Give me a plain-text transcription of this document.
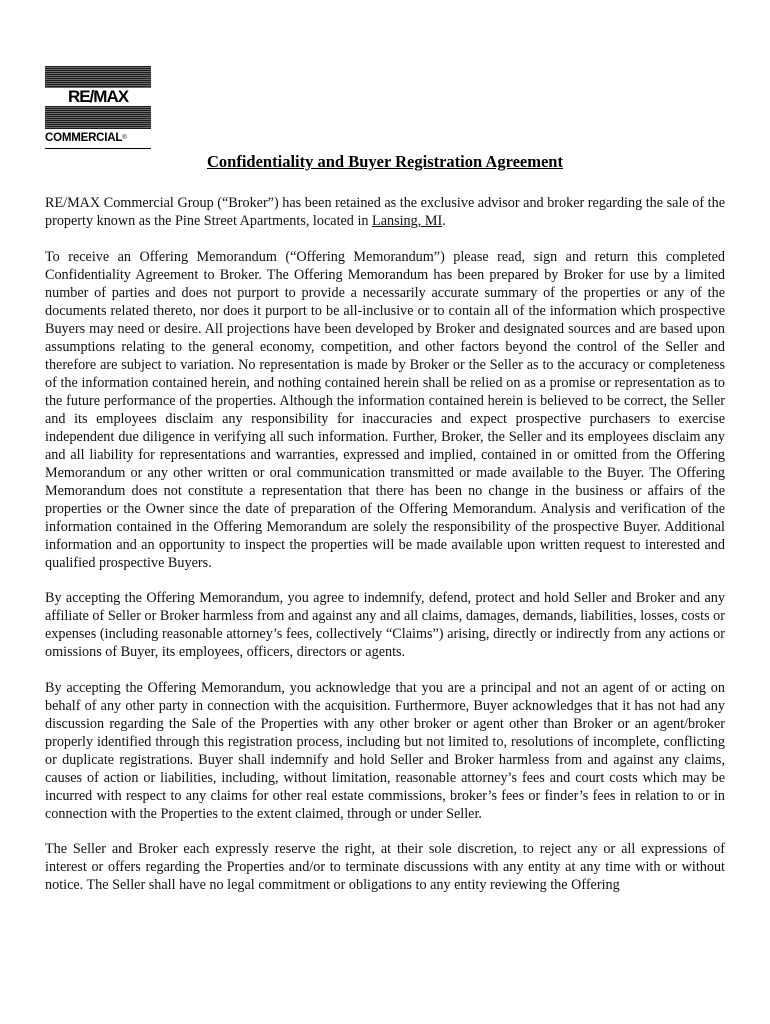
RE/MAX
COMMERCIAL®
Confidentiality and Buyer Registration Agreement

RE/MAX Commercial Group (“Broker”) has been retained as the exclusive advisor and broker regarding the sale of the property known as the Pine Street Apartments, located in Lansing, MI.

To receive an Offering Memorandum (“Offering Memorandum”) please read, sign and return this completed Confidentiality Agreement to Broker. The Offering Memorandum has been prepared by Broker for use by a limited number of parties and does not purport to provide a necessarily accurate summary of the properties or any of the documents related thereto, nor does it purport to be all-inclusive or to contain all of the information which prospective Buyers may need or desire. All projections have been developed by Broker and designated sources and are based upon assumptions relating to the general economy, competition, and other factors beyond the control of the Seller and therefore are subject to variation. No representation is made by Broker or the Seller as to the accuracy or completeness of the information contained herein, and nothing contained herein shall be relied on as a promise or representation as to the future performance of the properties. Although the information contained herein is believed to be correct, the Seller and its employees disclaim any responsibility for inaccuracies and expect prospective purchasers to exercise independent due diligence in verifying all such information. Further, Broker, the Seller and its employees disclaim any and all liability for representations and warranties, expressed and implied, contained in or omitted from the Offering Memorandum or any other written or oral communication transmitted or made available to the Buyer. The Offering Memorandum does not constitute a representation that there has been no change in the business or affairs of the properties or the Owner since the date of preparation of the Offering Memorandum. Analysis and verification of the information contained in the Offering Memorandum are solely the responsibility of the prospective Buyer. Additional information and an opportunity to inspect the properties will be made available upon written request to interested and qualified prospective Buyers.

By accepting the Offering Memorandum, you agree to indemnify, defend, protect and hold Seller and Broker and any affiliate of Seller or Broker harmless from and against any and all claims, damages, demands, liabilities, losses, costs or expenses (including reasonable attorney’s fees, collectively “Claims”) arising, directly or indirectly from any actions or omissions of Buyer, its employees, officers, directors or agents.

By accepting the Offering Memorandum, you acknowledge that you are a principal and not an agent of or acting on behalf of any other party in connection with the acquisition. Furthermore, Buyer acknowledges that it has not had any discussion regarding the Sale of the Properties with any other broker or agent other than Broker or an agent/broker properly identified through this registration process, including but not limited to, resolutions of incomplete, conflicting or duplicate registrations. Buyer shall indemnify and hold Seller and Broker harmless from and against any claims, causes of action or liabilities, including, without limitation, reasonable attorney’s fees and court costs which may be incurred with respect to any claims for other real estate commissions, broker’s fees or finder’s fees in relation to or in connection with the Properties to the extent claimed, through or under Seller.

The Seller and Broker each expressly reserve the right, at their sole discretion, to reject any or all expressions of interest or offers regarding the Properties and/or to terminate discussions with any entity at any time with or without notice. The Seller shall have no legal commitment or obligations to any entity reviewing the Offering
